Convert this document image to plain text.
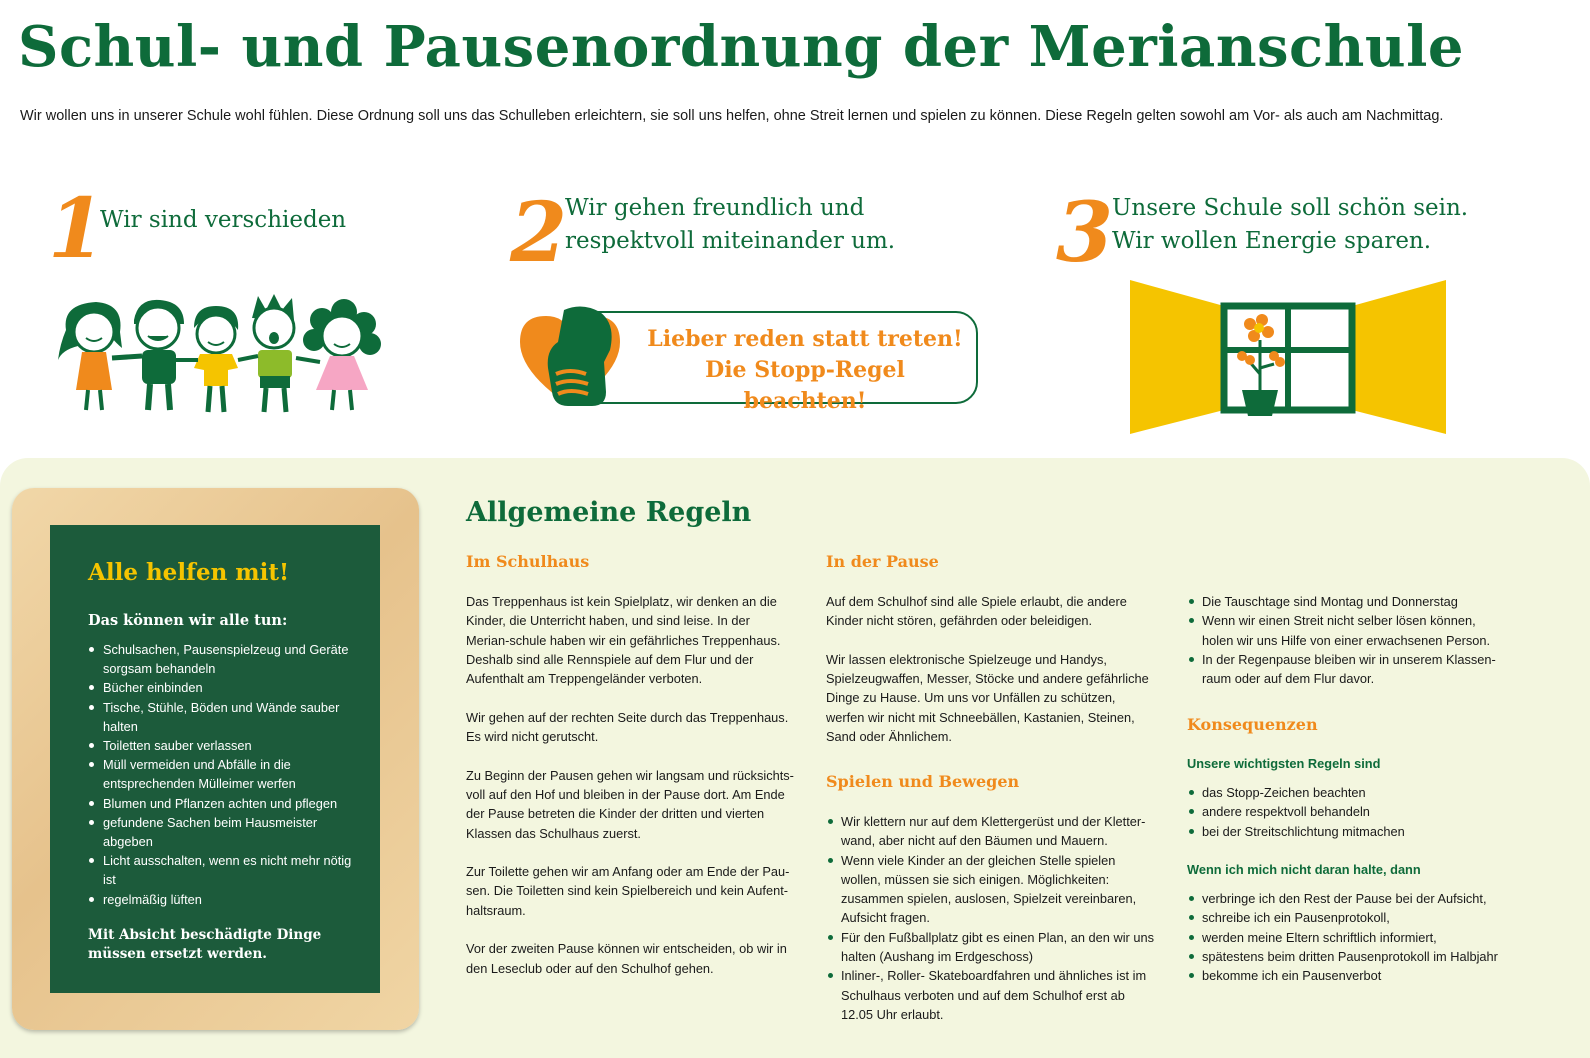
Schul- und Pausenordnung der Merianschule
Wir wollen uns in unserer Schule wohl fühlen. Diese Ordnung soll uns das Schulleben erleichtern, sie soll uns helfen, ohne Streit lernen und spielen zu können. Diese Regeln gelten sowohl am Vor- als auch am Nachmittag.
1
Wir sind verschieden	2
Wir gehen freundlich und respektvoll miteinander um.
Lieber reden statt treten!
Die Stopp-Regel beachten!
3
Unsere Schule soll schön sein. Wir wollen Energie sparen.
Alle helfen mit!
Das können wir alle tun:
Schulsachen, Pausenspielzeug und Geräte sorgsam behandeln
Bücher einbinden
Tische, Stühle, Böden und Wände sauber halten
Toiletten sauber verlassen
Müll vermeiden und Abfälle in die entsprechenden Mülleimer werfen
Blumen und Pflanzen achten und pflegen
gefundene Sachen beim Hausmeister abgeben
Licht ausschalten, wenn es nicht mehr nötig ist
regelmäßig lüften
Mit Absicht beschädigte Dinge müssen ersetzt werden.
Allgemeine Regeln
Im Schulhaus

Das Treppenhaus ist kein Spielplatz, wir denken an die Kinder, die Unterricht haben, und sind leise. In der Merian-schule haben wir ein gefährliches Treppenhaus. Deshalb sind alle Rennspiele auf dem Flur und der Aufenthalt am Treppengeländer verboten.

Wir gehen auf der rechten Seite durch das Treppenhaus. Es wird nicht gerutscht.

Zu Beginn der Pausen gehen wir langsam und rücksichts-voll auf den Hof und bleiben in der Pause dort. Am Ende der Pause betreten die Kinder der dritten und vierten Klassen das Schulhaus zuerst.

Zur Toilette gehen wir am Anfang oder am Ende der Pau-sen. Die Toiletten sind kein Spielbereich und kein Aufent-haltsraum.

Vor der zweiten Pause können wir entscheiden, ob wir in den Leseclub oder auf den Schulhof gehen.

In der Pause

Auf dem Schulhof sind alle Spiele erlaubt, die andere Kinder nicht stören, gefährden oder beleidigen.

Wir lassen elektronische Spielzeuge und Handys, Spielzeugwaffen, Messer, Stöcke und andere gefährliche Dinge zu Hause. Um uns vor Unfällen zu schützen, werfen wir nicht mit Schneebällen, Kastanien, Steinen, Sand oder Ähnlichem.

Spielen und Bewegen
Wir klettern nur auf dem Klettergerüst und der Kletter-wand, aber nicht auf den Bäumen und Mauern.
Wenn viele Kinder an der gleichen Stelle spielen wollen, müssen sie sich einigen. Möglichkeiten: zusammen spielen, auslosen, Spielzeit vereinbaren, Aufsicht fragen.
Für den Fußballplatz gibt es einen Plan, an den wir uns halten (Aushang im Erdgeschoss)
Inliner-, Roller- Skateboardfahren und ähnliches ist im Schulhaus verboten und auf dem Schulhof erst ab 12.05 Uhr erlaubt.
Die Tauschtage sind Montag und Donnerstag
Wenn wir einen Streit nicht selber lösen können, holen wir uns Hilfe von einer erwachsenen Person.
In der Regenpause bleiben wir in unserem Klassen-raum oder auf dem Flur davor.
Konsequenzen
Unsere wichtigsten Regeln sind
das Stopp-Zeichen beachten
andere respektvoll behandeln
bei der Streitschlichtung mitmachen
Wenn ich mich nicht daran halte, dann
verbringe ich den Rest der Pause bei der Aufsicht,
schreibe ich ein Pausenprotokoll,
werden meine Eltern schriftlich informiert,
spätestens beim dritten Pausenprotokoll im Halbjahr
bekomme ich ein Pausenverbot
